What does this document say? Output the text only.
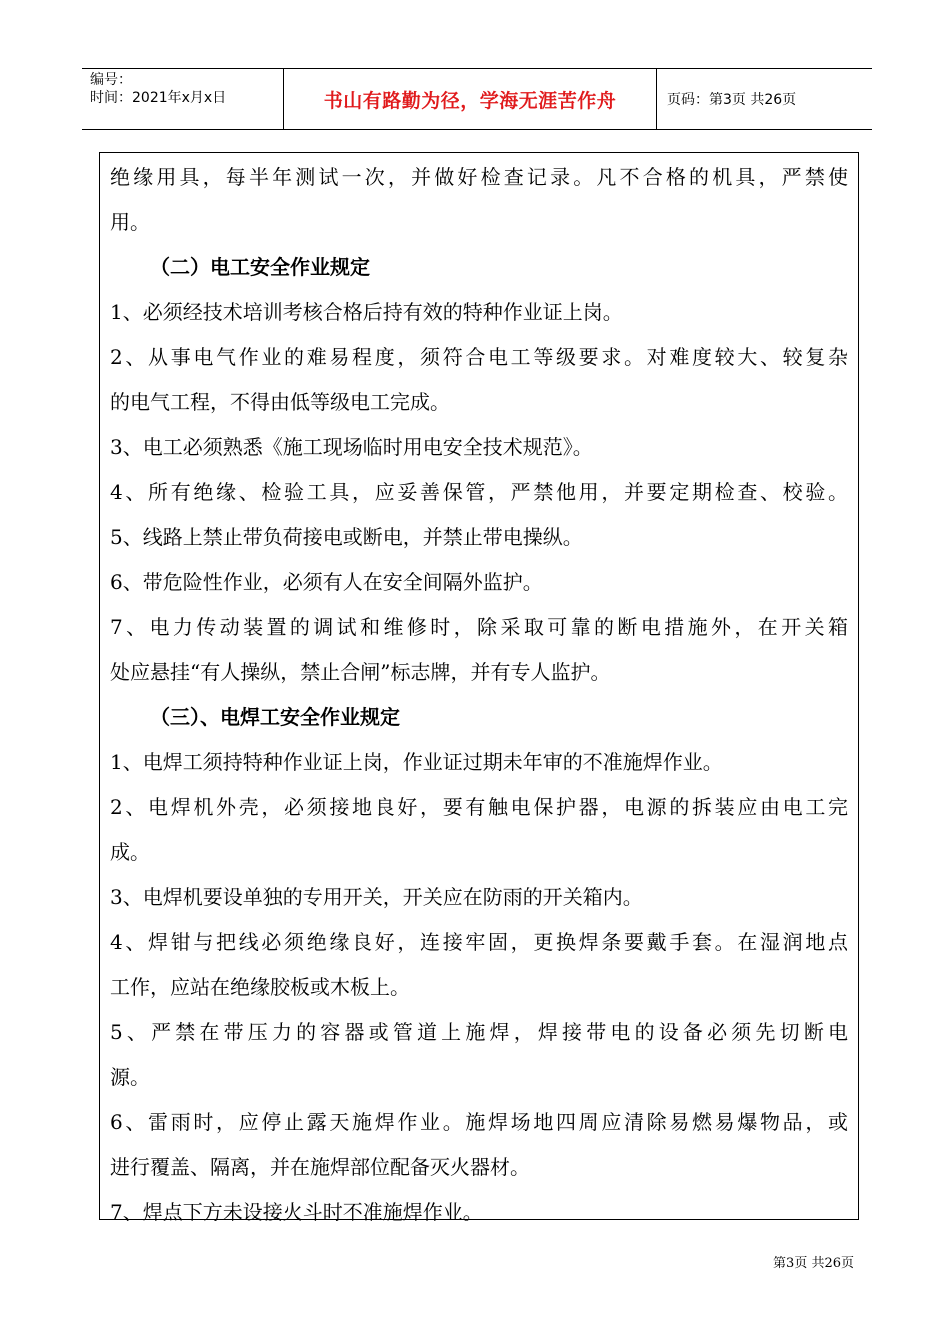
编号：
时间：2021年x月x日	书山有路勤为径，学海无涯苦作舟	页码：第3页 共26页
绝缘用具，每半年测试一次，并做好检查记录。凡不合格的机具，严禁使
用。
（二）电工安全作业规定
1、必须经技术培训考核合格后持有效的特种作业证上岗。
2、从事电气作业的难易程度，须符合电工等级要求。对难度较大、较复杂
的电气工程，不得由低等级电工完成。
3、电工必须熟悉《施工现场临时用电安全技术规范》。
4、所有绝缘、检验工具，应妥善保管，严禁他用，并要定期检查、校验。
5、线路上禁止带负荷接电或断电，并禁止带电操纵。
6、带危险性作业，必须有人在安全间隔外监护。
7、电力传动装置的调试和维修时，除采取可靠的断电措施外，在开关箱
处应悬挂“有人操纵，禁止合闸”标志牌，并有专人监护。
（三）、电焊工安全作业规定
1、电焊工须持特种作业证上岗，作业证过期未年审的不准施焊作业。
2、电焊机外壳，必须接地良好，要有触电保护器，电源的拆装应由电工完
成。
3、电焊机要设单独的专用开关，开关应在防雨的开关箱内。
4、焊钳与把线必须绝缘良好，连接牢固，更换焊条要戴手套。在湿润地点
工作，应站在绝缘胶板或木板上。
5、严禁在带压力的容器或管道上施焊，焊接带电的设备必须先切断电
源。
6、雷雨时，应停止露天施焊作业。施焊场地四周应清除易燃易爆物品，或
进行覆盖、隔离，并在施焊部位配备灭火器材。
7、焊点下方未设接火斗时不准施焊作业。
第3页 共26页
